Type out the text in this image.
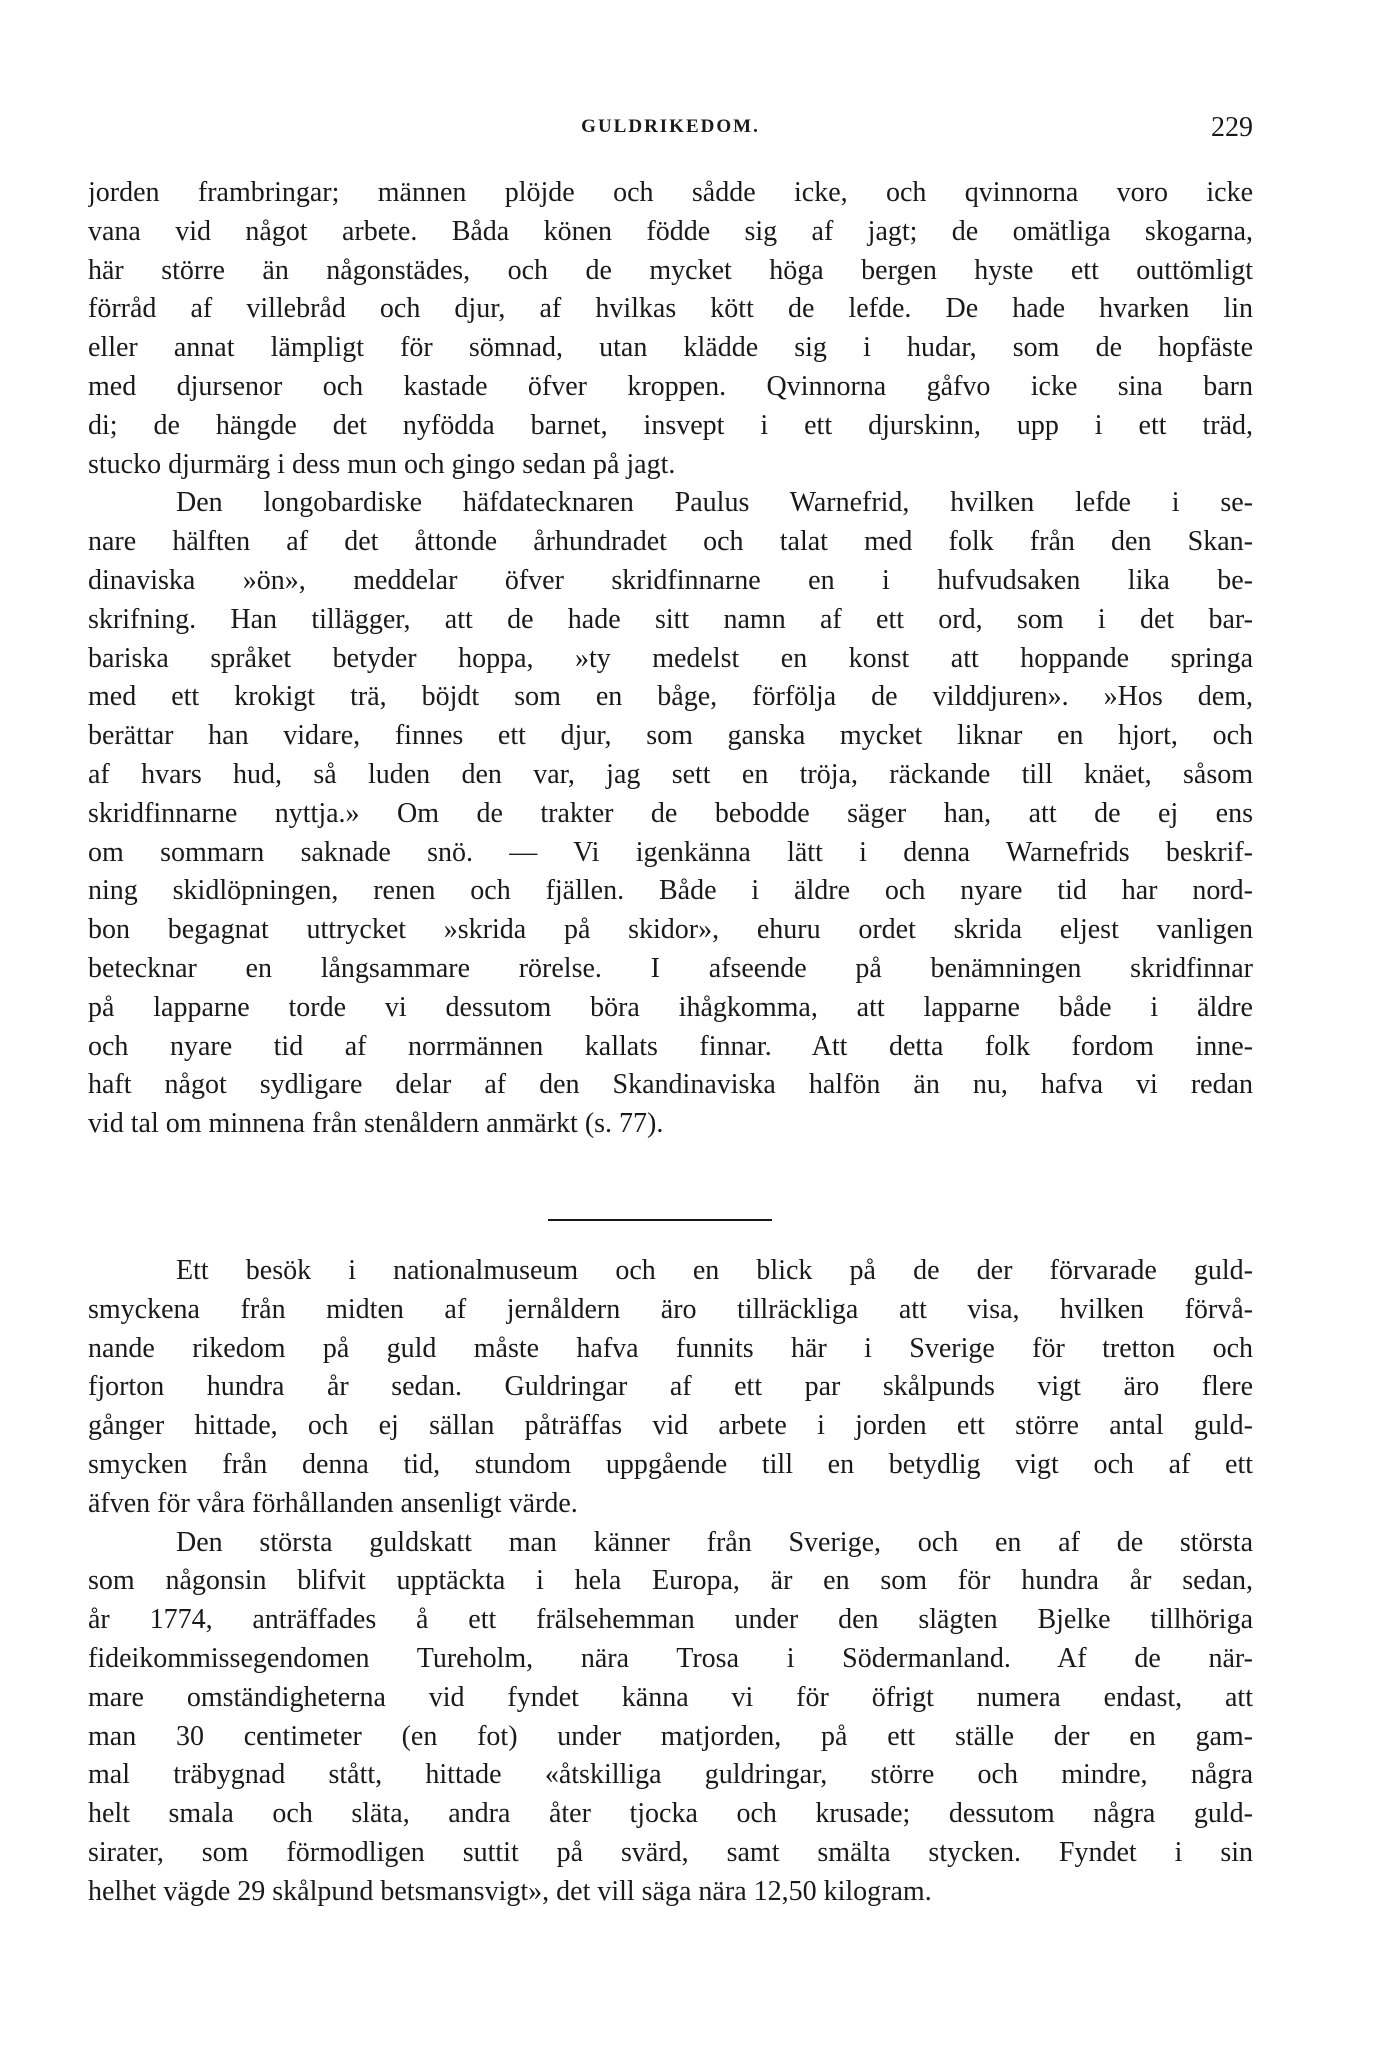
GULDRIKEDOM.	229
jorden frambringar; männen plöjde och sådde icke, och qvinnorna voro icke
vana vid något arbete. Båda könen födde sig af jagt; de omätliga skogarna,
här större än någonstädes, och de mycket höga bergen hyste ett outtömligt
förråd af villebråd och djur, af hvilkas kött de lefde. De hade hvarken lin
eller annat lämpligt för sömnad, utan klädde sig i hudar, som de hopfäste
med djursenor och kastade öfver kroppen. Qvinnorna gåfvo icke sina barn
di; de hängde det nyfödda barnet, insvept i ett djurskinn, upp i ett träd,
stucko djurmärg i dess mun och gingo sedan på jagt.
Den longobardiske häfdatecknaren Paulus Warnefrid, hvilken lefde i se-
nare hälften af det åttonde århundradet och talat med folk från den Skan-
dinaviska »ön», meddelar öfver skridfinnarne en i hufvudsaken lika be-
skrifning. Han tillägger, att de hade sitt namn af ett ord, som i det bar-
bariska språket betyder hoppa, »ty medelst en konst att hoppande springa
med ett krokigt trä, böjdt som en båge, förfölja de vilddjuren». »Hos dem,
berättar han vidare, finnes ett djur, som ganska mycket liknar en hjort, och
af hvars hud, så luden den var, jag sett en tröja, räckande till knäet, såsom
skridfinnarne nyttja.» Om de trakter de bebodde säger han, att de ej ens
om sommarn saknade snö. — Vi igenkänna lätt i denna Warnefrids beskrif-
ning skidlöpningen, renen och fjällen. Både i äldre och nyare tid har nord-
bon begagnat uttrycket »skrida på skidor», ehuru ordet skrida eljest vanligen
betecknar en långsammare rörelse. I afseende på benämningen skridfinnar
på lapparne torde vi dessutom böra ihågkomma, att lapparne både i äldre
och nyare tid af norrmännen kallats finnar. Att detta folk fordom inne-
haft något sydligare delar af den Skandinaviska halfön än nu, hafva vi redan
vid tal om minnena från stenåldern anmärkt (s. 77).
Ett besök i nationalmuseum och en blick på de der förvarade guld-
smyckena från midten af jernåldern äro tillräckliga att visa, hvilken förvå-
nande rikedom på guld måste hafva funnits här i Sverige för tretton och
fjorton hundra år sedan. Guldringar af ett par skålpunds vigt äro flere
gånger hittade, och ej sällan påträffas vid arbete i jorden ett större antal guld-
smycken från denna tid, stundom uppgående till en betydlig vigt och af ett
äfven för våra förhållanden ansenligt värde.
Den största guldskatt man känner från Sverige, och en af de största
som någonsin blifvit upptäckta i hela Europa, är en som för hundra år sedan,
år 1774, anträffades å ett frälsehemman under den slägten Bjelke tillhöriga
fideikommissegendomen Tureholm, nära Trosa i Södermanland. Af de när-
mare omständigheterna vid fyndet känna vi för öfrigt numera endast, att
man 30 centimeter (en fot) under matjorden, på ett ställe der en gam-
mal träbygnad stått, hittade «åtskilliga guldringar, större och mindre, några
helt smala och släta, andra åter tjocka och krusade; dessutom några guld-
sirater, som förmodligen suttit på svärd, samt smälta stycken. Fyndet i sin
helhet vägde 29 skålpund betsmansvigt», det vill säga nära 12,50 kilogram.
